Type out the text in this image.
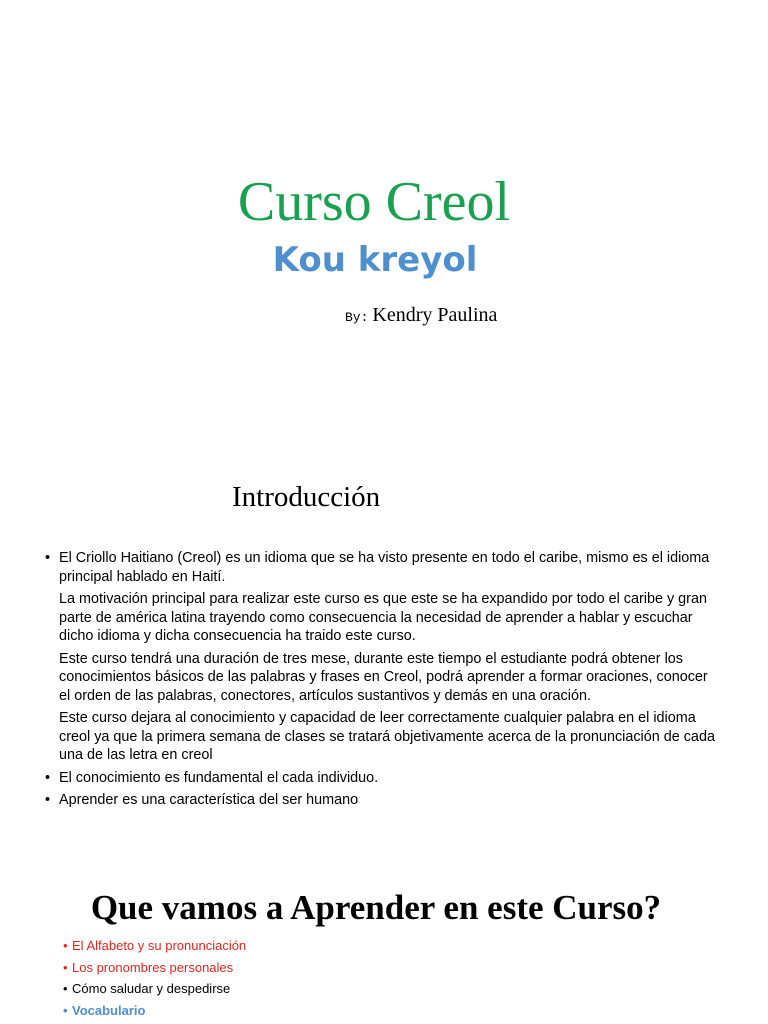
Curso Creol
Kou kreyol
By: Kendry Paulina
Introducción
• El Criollo Haitiano (Creol) es un idioma que se ha visto presente en todo el caribe, mismo es el idioma principal hablado en Haití.
La motivación principal para realizar este curso es que este se ha expandido por todo el caribe y gran parte de américa latina trayendo como consecuencia la necesidad de aprender a hablar y escuchar dicho idioma y dicha consecuencia ha traido este curso.
Este curso tendrá una duración de tres mese, durante este tiempo el estudiante podrá obtener los conocimientos básicos de las palabras y frases en Creol, podrá aprender a formar oraciones, conocer el orden de las palabras, conectores, artículos sustantivos y demás en una oración.
Este curso dejara al conocimiento y capacidad de leer correctamente cualquier palabra en el idioma creol ya que la primera semana de clases se tratará objetivamente acerca de la pronunciación de cada una de las letra en creol
• El conocimiento es fundamental el cada individuo.
• Aprender es una característica del ser humano
Que vamos a Aprender en este Curso?
• El Alfabeto y su pronunciación
• Los pronombres personales
• Cómo saludar y despedirse
• Vocabulario
